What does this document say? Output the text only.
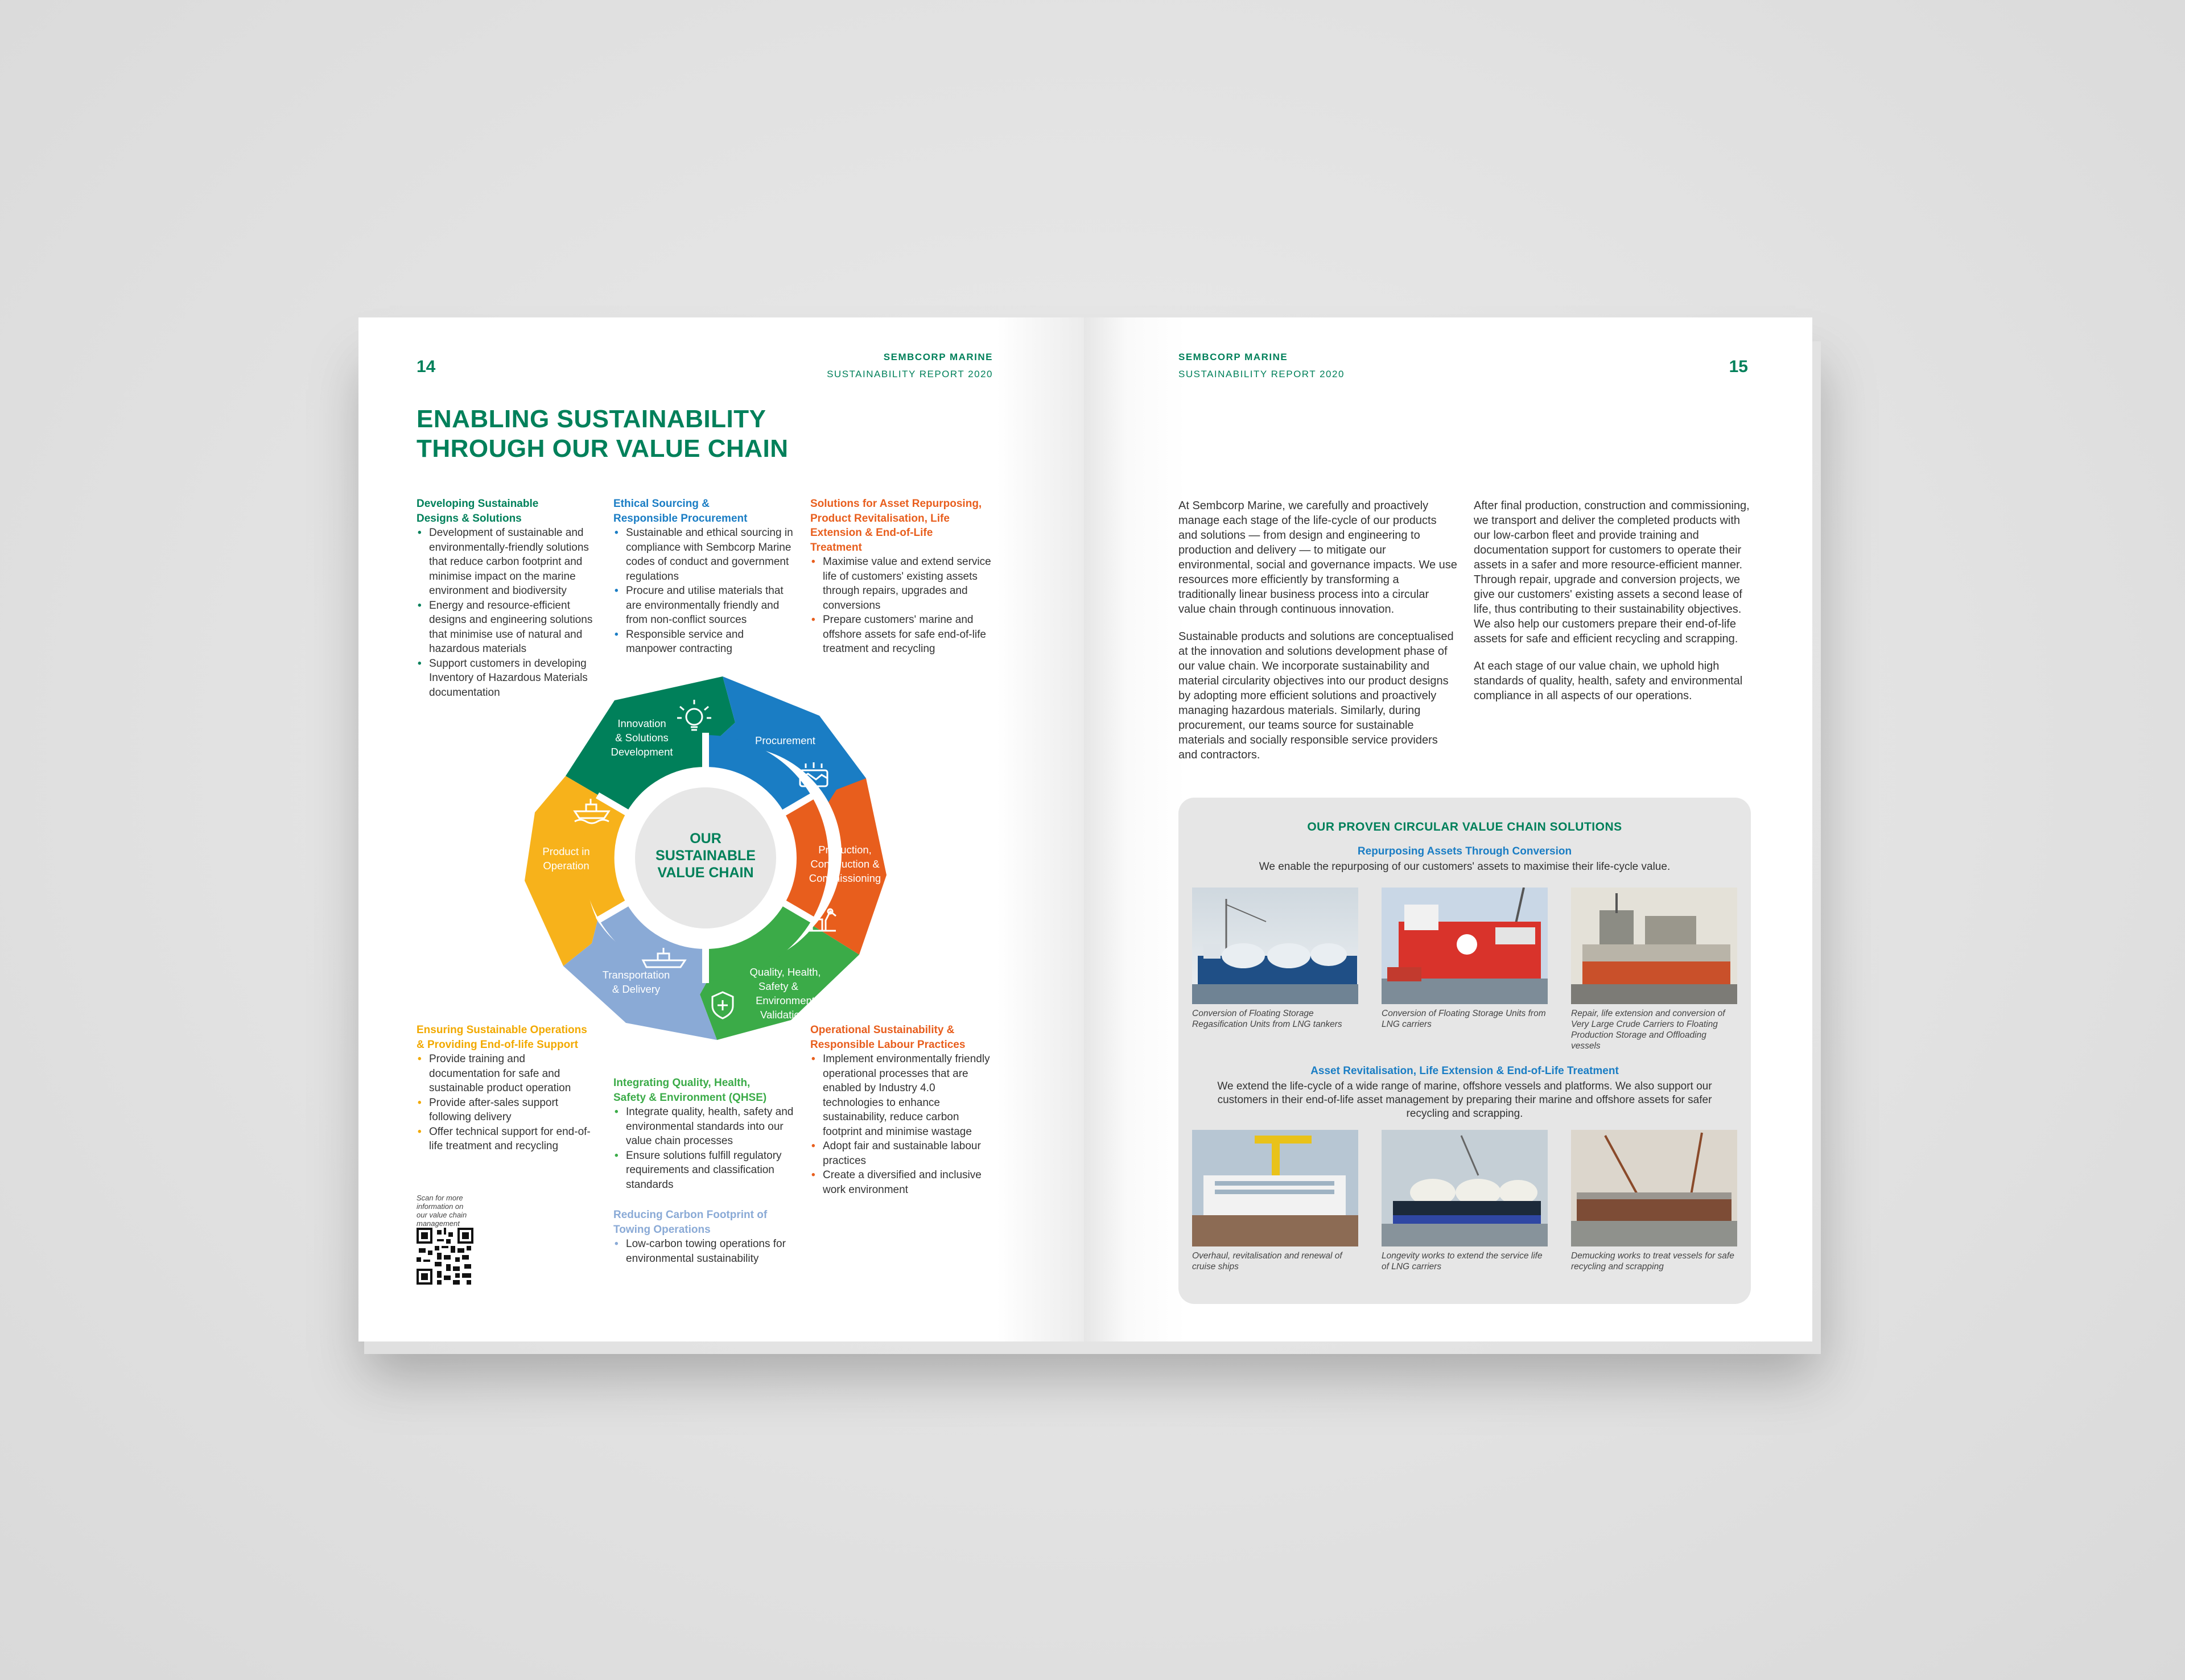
14
SEMBCORP MARINE
SUSTAINABILITY REPORT 2020
ENABLING SUSTAINABILITY
THROUGH OUR VALUE CHAIN
Developing Sustainable
Designs & Solutions
• Development of sustainable and environmentally-friendly solutions that reduce carbon footprint and minimise impact on the marine environment and biodiversity
• Energy and resource-efficient designs and engineering solutions that minimise use of natural and hazardous materials
• Support customers in developing Inventory of Hazardous Materials documentation
Ethical Sourcing &
Responsible Procurement
• Sustainable and ethical sourcing in compliance with Sembcorp Marine codes of conduct and government regulations
• Procure and utilise materials that are environmentally friendly and from non-conflict sources
• Responsible service and manpower contracting
Solutions for Asset Repurposing,
Product Revitalisation, Life
Extension & End-of-Life
Treatment
• Maximise value and extend service life of customers' existing assets through repairs, upgrades and conversions
• Prepare customers' marine and offshore assets for safe end-of-life treatment and recycling
OUR
SUSTAINABLE
VALUE CHAIN
Innovation
& Solutions
Development
Procurement
Production,
Construction &
Commissioning
Quality, Health,
Safety &
Environment
Validation
Transportation
& Delivery
Product in
Operation
Ensuring Sustainable Operations
& Providing End-of-life Support
• Provide training and documentation for safe and sustainable product operation
• Provide after-sales support following delivery
• Offer technical support for end-of-life treatment and recycling
Integrating Quality, Health,
Safety & Environment (QHSE)
• Integrate quality, health, safety and environmental standards into our value chain processes
• Ensure solutions fulfill regulatory requirements and classification standards
Reducing Carbon Footprint of
Towing Operations
• Low-carbon towing operations for environmental sustainability
Operational Sustainability &
Responsible Labour Practices
• Implement environmentally friendly operational processes that are enabled by Industry 4.0 technologies to enhance sustainability, reduce carbon footprint and minimise wastage
• Adopt fair and sustainable labour practices
• Create a diversified and inclusive work environment
Scan for more
information on
our value chain
management
SEMBCORP MARINE
SUSTAINABILITY REPORT 2020	15

At Sembcorp Marine, we carefully and proactively manage each stage of the life-cycle of our products and solutions — from design and engineering to production and delivery — to mitigate our environmental, social and governance impacts. We use resources more efficiently by transforming a traditionally linear business process into a circular value chain through continuous innovation.

Sustainable products and solutions are conceptualised at the innovation and solutions development phase of our value chain. We incorporate sustainability and material circularity objectives into our product designs by adopting more efficient solutions and proactively managing hazardous materials. Similarly, during procurement, our teams source for sustainable materials and socially responsible service providers and contractors.

After final production, construction and commissioning, we transport and deliver the completed products with our low-carbon fleet and provide training and documentation support for customers to operate their assets in a safer and more resource-efficient manner. Through repair, upgrade and conversion projects, we give our customers' existing assets a second lease of life, thus contributing to their sustainability objectives. We also help our customers prepare their end-of-life assets for safe and efficient recycling and scrapping.

At each stage of our value chain, we uphold high standards of quality, health, safety and environmental compliance in all aspects of our operations.

OUR PROVEN CIRCULAR VALUE CHAIN SOLUTIONS
Repurposing Assets Through Conversion
We enable the repurposing of our customers' assets to maximise their life-cycle value.
Conversion of Floating Storage Regasification Units from LNG tankers
Conversion of Floating Storage Units from LNG carriers
Repair, life extension and conversion of Very Large Crude Carriers to Floating Production Storage and Offloading vessels
Asset Revitalisation, Life Extension & End-of-Life Treatment
We extend the life-cycle of a wide range of marine, offshore vessels and platforms. We also support our customers in their end-of-life asset management by preparing their marine and offshore assets for safer recycling and scrapping.
Overhaul, revitalisation and renewal of cruise ships
Longevity works to extend the service life of LNG carriers
Demucking works to treat vessels for safe recycling and scrapping
